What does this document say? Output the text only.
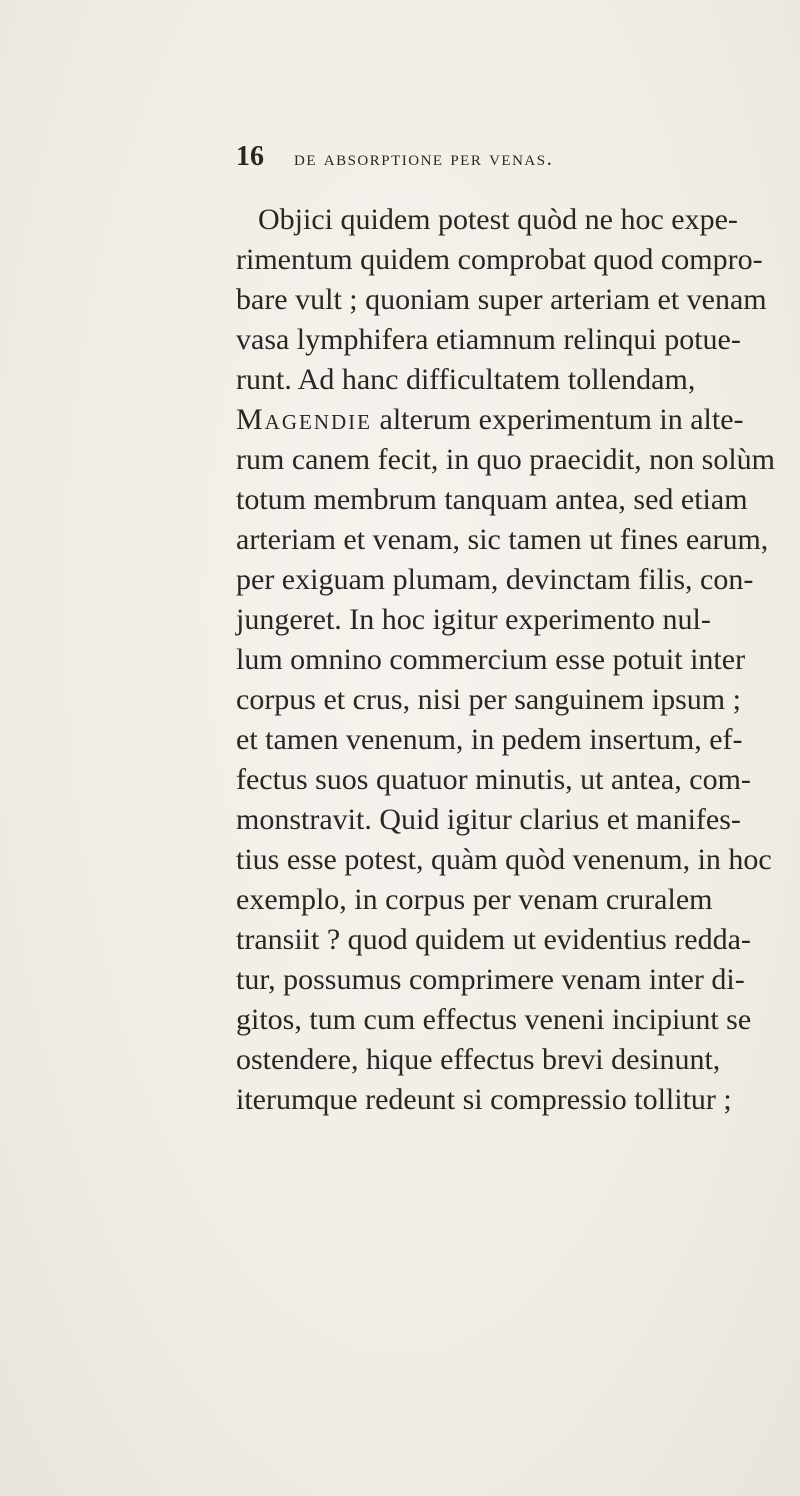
16 de absorptione per venas.
Objici quidem potest quòd ne hoc expe-
rimentum quidem comprobat quod compro-
bare vult ; quoniam super arteriam et venam
vasa lymphifera etiamnum relinqui potue-
runt. Ad hanc difficultatem tollendam,
Magendie alterum experimentum in alte-
rum canem fecit, in quo praecidit, non solùm
totum membrum tanquam antea, sed etiam
arteriam et venam, sic tamen ut fines earum,
per exiguam plumam, devinctam filis, con-
jungeret. In hoc igitur experimento nul-
lum omnino commercium esse potuit inter
corpus et crus, nisi per sanguinem ipsum ;
et tamen venenum, in pedem insertum, ef-
fectus suos quatuor minutis, ut antea, com-
monstravit. Quid igitur clarius et manifes-
tius esse potest, quàm quòd venenum, in hoc
exemplo, in corpus per venam cruralem
transiit ? quod quidem ut evidentius redda-
tur, possumus comprimere venam inter di-
gitos, tum cum effectus veneni incipiunt se
ostendere, hique effectus brevi desinunt,
iterumque redeunt si compressio tollitur ;
